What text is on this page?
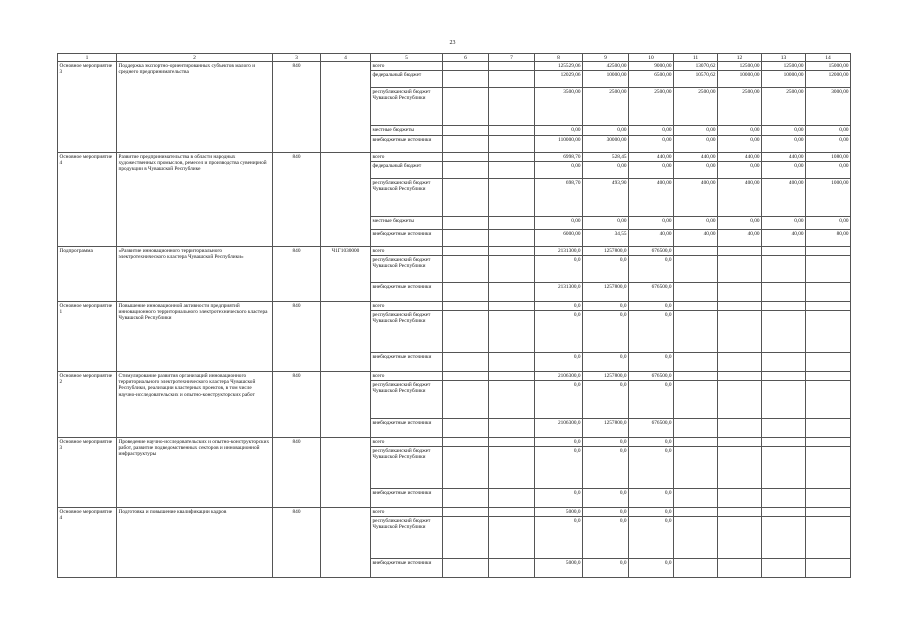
23
1	2	3	4	5	6	7	8	9	10	11	12	13	14
Основное мероприятие 3	Поддержка экспортно-ориентированных субъектов малого и среднего предпринимательства	840		всего			125529,06	42500,00	9000,00	13070,62	12500,00	12500,00	15000,00
				федеральный бюджет			12029,06	10000,00	6500,00	10570,62	10000,00	10000,00	12000,00
				республиканский бюджет Чувашской Республики			3500,00	2500,00	2500,00	2500,00	2500,00	2500,00	3000,00
				местные бюджеты			0,00	0,00	0,00	0,00	0,00	0,00	0,00
				внебюджетные источники			110000,00	30000,00	0,00	0,00	0,00	0,00	0,00
Основное мероприятие 4	Развитие предпринимательства в области народных художественных промыслов, ремесел и производства сувенирной продукции в Чувашской Республике	840		всего			6998,70	528,45	440,00	440,00	440,00	440,00	1080,00
				федеральный бюджет			0,00	0,00	0,00	0,00	0,00	0,00	0,00
				республиканский бюджет Чувашской Республики			698,70	493,90	400,00	400,00	400,00	400,00	1000,00
				местные бюджеты			0,00	0,00	0,00	0,00	0,00	0,00	0,00
				внебюджетные источники			6000,00	34,55	40,00	40,00	40,00	40,00	80,00
Подпрограмма	«Развитие инновационного территориального электротехнического кластера Чувашской Республики»	840	Ч1Г1030000	всего			2131300,0	1257800,0	676500,0				
				республиканский бюджет Чувашской Республики			0,0	0,0	0,0				
				внебюджетные источники			2131300,0	1257800,0	676500,0				
Основное мероприятие 1	Повышение инновационной активности предприятий инновационного территориального электротехнического кластера Чувашской Республики	840		всего			0,0	0,0	0,0				
				республиканский бюджет Чувашской Республики			0,0	0,0	0,0				
				внебюджетные источники			0,0	0,0	0,0				
Основное мероприятие 2	Стимулирование развития организаций инновационного территориального электротехнического кластера Чувашской Республики, реализации кластерных проектов, в том числе научно-исследовательских и опытно-конструкторских работ	840		всего			2106300,0	1257800,0	676500,0				
				республиканский бюджет Чувашской Республики			0,0	0,0	0,0				
				внебюджетные источники			2106300,0	1257800,0	676500,0				
Основное мероприятие 3	Проведение научно-исследовательских и опытно-конструкторских работ, развитие подведомственных секторов и инновационной инфраструктуры	840		всего			0,0	0,0	0,0				
				республиканский бюджет Чувашской Республики			0,0	0,0	0,0				
				внебюджетные источники			0,0	0,0	0,0				
Основное мероприятие 4	Подготовка и повышение квалификации кадров	840		всего			5000,0	0,0	0,0				
				республиканский бюджет Чувашской Республики			0,0	0,0	0,0				
				внебюджетные источники			5000,0	0,0	0,0				
